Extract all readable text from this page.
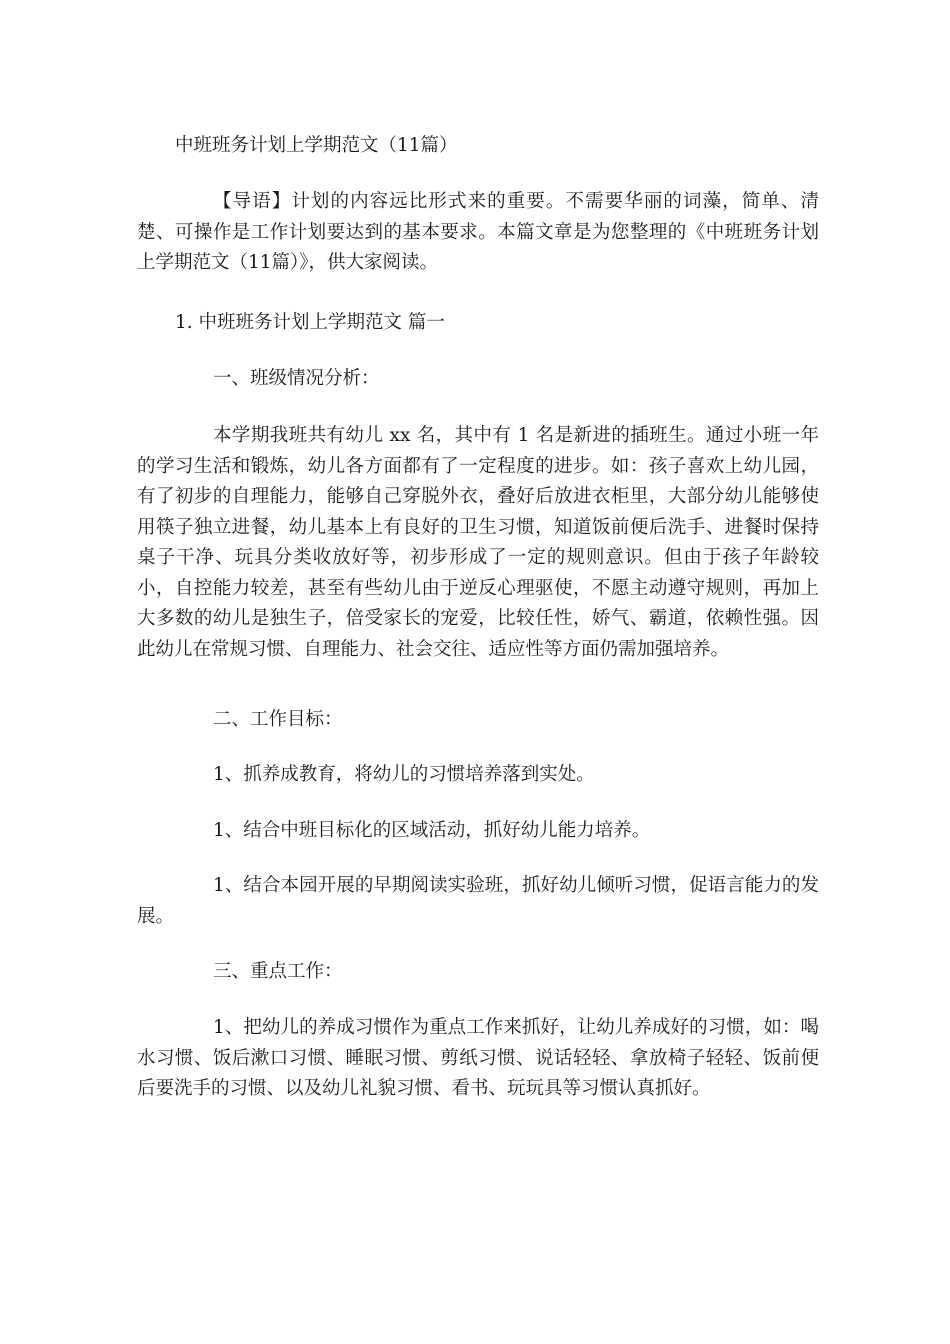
中班班务计划上学期范文（11篇）

【导语】计划的内容远比形式来的重要。不需要华丽的词藻，简单、清楚、可操作是工作计划要达到的基本要求。本篇文章是为您整理的《中班班务计划上学期范文（11篇）》，供大家阅读。

1. 中班班务计划上学期范文 篇一

一、班级情况分析：

本学期我班共有幼儿 xx 名，其中有 1 名是新进的插班生。通过小班一年的学习生活和锻炼，幼儿各方面都有了一定程度的进步。如：孩子喜欢上幼儿园，有了初步的自理能力，能够自己穿脱外衣，叠好后放进衣柜里，大部分幼儿能够使用筷子独立进餐，幼儿基本上有良好的卫生习惯，知道饭前便后洗手、进餐时保持桌子干净、玩具分类收放好等，初步形成了一定的规则意识。但由于孩子年龄较小，自控能力较差，甚至有些幼儿由于逆反心理驱使，不愿主动遵守规则，再加上大多数的幼儿是独生子，倍受家长的宠爱，比较任性，娇气、霸道，依赖性强。因此幼儿在常规习惯、自理能力、社会交往、适应性等方面仍需加强培养。

二、工作目标：

1、抓养成教育，将幼儿的习惯培养落到实处。

1、结合中班目标化的区域活动，抓好幼儿能力培养。

1、结合本园开展的早期阅读实验班，抓好幼儿倾听习惯，促语言能力的发展。

三、重点工作：

1、把幼儿的养成习惯作为重点工作来抓好，让幼儿养成好的习惯，如：喝水习惯、饭后漱口习惯、睡眠习惯、剪纸习惯、说话轻轻、拿放椅子轻轻、饭前便后要洗手的习惯、以及幼儿礼貌习惯、看书、玩玩具等习惯认真抓好。
